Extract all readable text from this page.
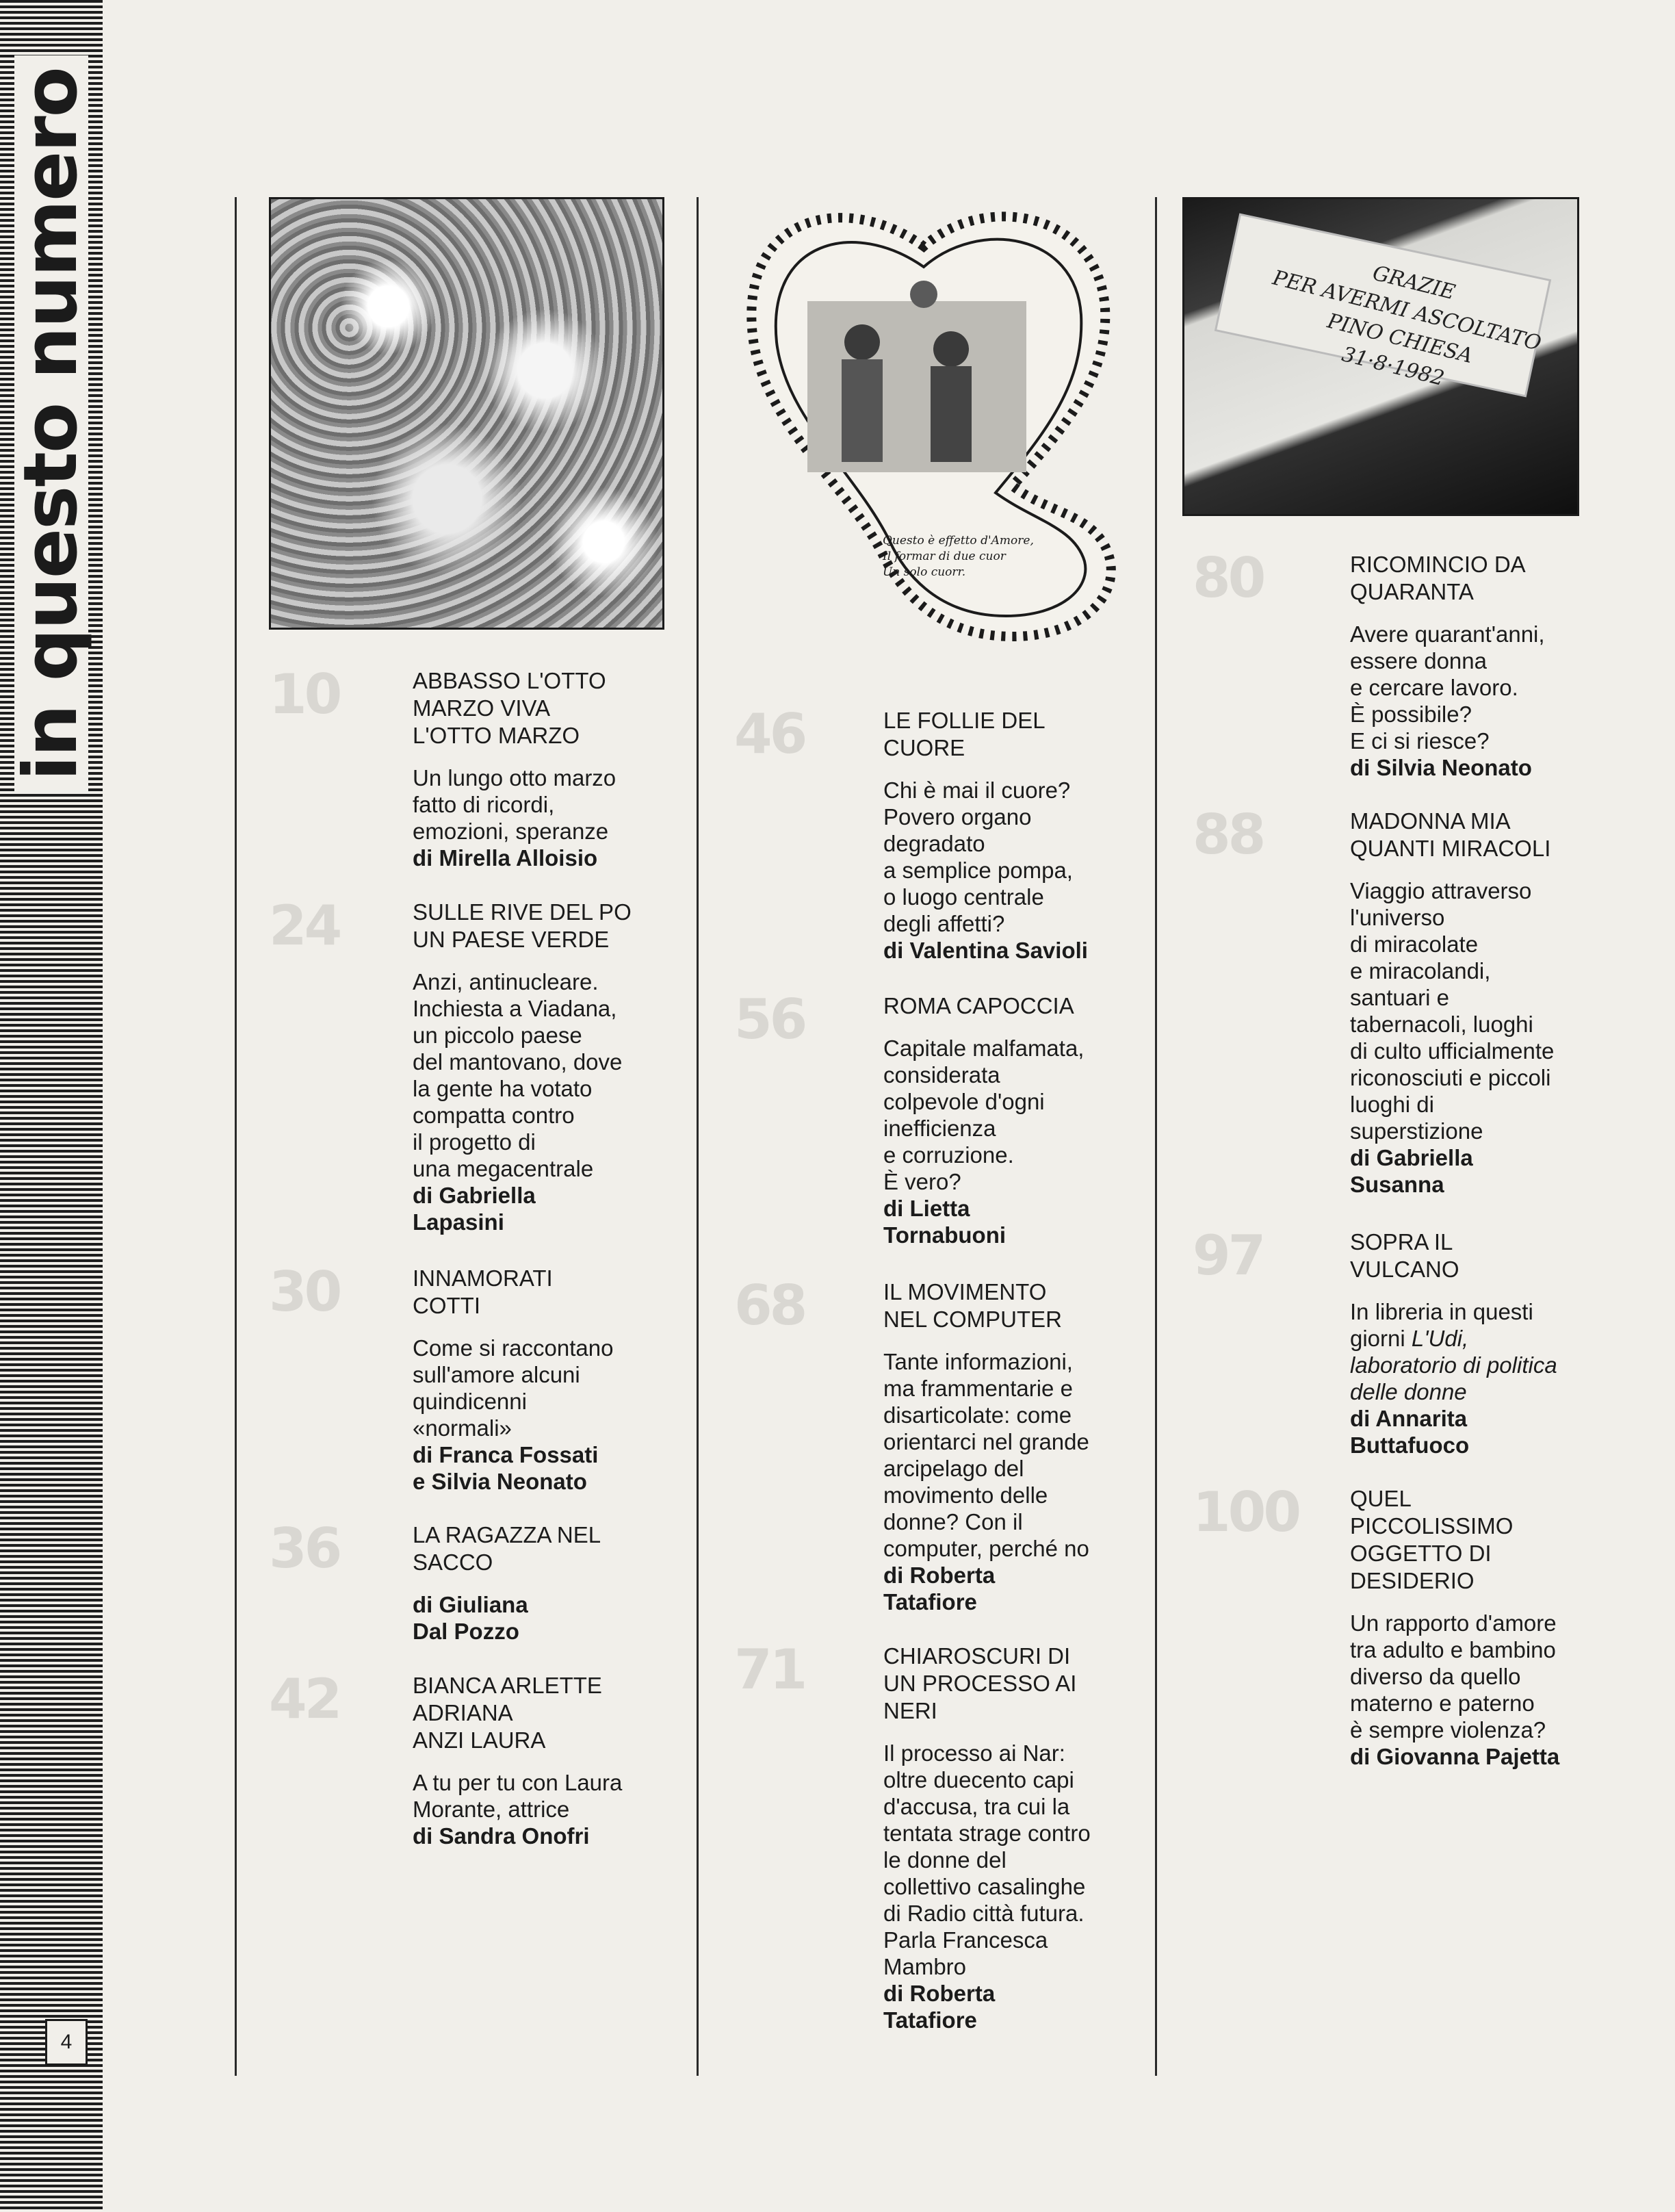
in questo numero
4
Questo è effetto d'Amore,
Il formar di due cuor
Un solo cuorr.
GRAZIE
PER AVERMI ASCOLTATO
PINO CHIESA
31·8·1982
10	ABBASSO L'OTTO
MARZO VIVA
L'OTTO MARZO
Un lungo otto marzo
fatto di ricordi,
emozioni, speranze
di Mirella Alloisio
24	SULLE RIVE DEL PO
UN PAESE VERDE
Anzi, antinucleare.
Inchiesta a Viadana,
un piccolo paese
del mantovano, dove
la gente ha votato
compatta contro
il progetto di
una megacentrale
di Gabriella
Lapasini
30	INNAMORATI
COTTI
Come si raccontano
sull'amore alcuni
quindicenni
«normali»
di Franca Fossati
e Silvia Neonato
36	LA RAGAZZA NEL
SACCO
di Giuliana
Dal Pozzo
42	BIANCA ARLETTE
ADRIANA
ANZI LAURA
A tu per tu con Laura
Morante, attrice
di Sandra Onofri
46	LE FOLLIE DEL
CUORE
Chi è mai il cuore?
Povero organo
degradato
a semplice pompa,
o luogo centrale
degli affetti?
di Valentina Savioli
56	ROMA CAPOCCIA
Capitale malfamata,
considerata
colpevole d'ogni
inefficienza
e corruzione.
È vero?
di Lietta
Tornabuoni
68	IL MOVIMENTO
NEL COMPUTER
Tante informazioni,
ma frammentarie e
disarticolate: come
orientarci nel grande
arcipelago del
movimento delle
donne? Con il
computer, perché no
di Roberta
Tatafiore
71	CHIAROSCURI DI
UN PROCESSO AI
NERI
Il processo ai Nar:
oltre duecento capi
d'accusa, tra cui la
tentata strage contro
le donne del
collettivo casalinghe
di Radio città futura.
Parla Francesca
Mambro
di Roberta
Tatafiore
80	RICOMINCIO DA
QUARANTA
Avere quarant'anni,
essere donna
e cercare lavoro.
È possibile?
E ci si riesce?
di Silvia Neonato
88	MADONNA MIA
QUANTI MIRACOLI
Viaggio attraverso
l'universo
di miracolate
e miracolandi,
santuari e
tabernacoli, luoghi
di culto ufficialmente
riconosciuti e piccoli
luoghi di
superstizione
di Gabriella
Susanna
97	SOPRA IL
VULCANO
In libreria in questi
giorni L'Udi,
laboratorio di politica
delle donne
di Annarita
Buttafuoco
100 QUEL
PICCOLISSIMO
OGGETTO DI
DESIDERIO
Un rapporto d'amore
tra adulto e bambino
diverso da quello
materno e paterno
è sempre violenza?
di Giovanna Pajetta
